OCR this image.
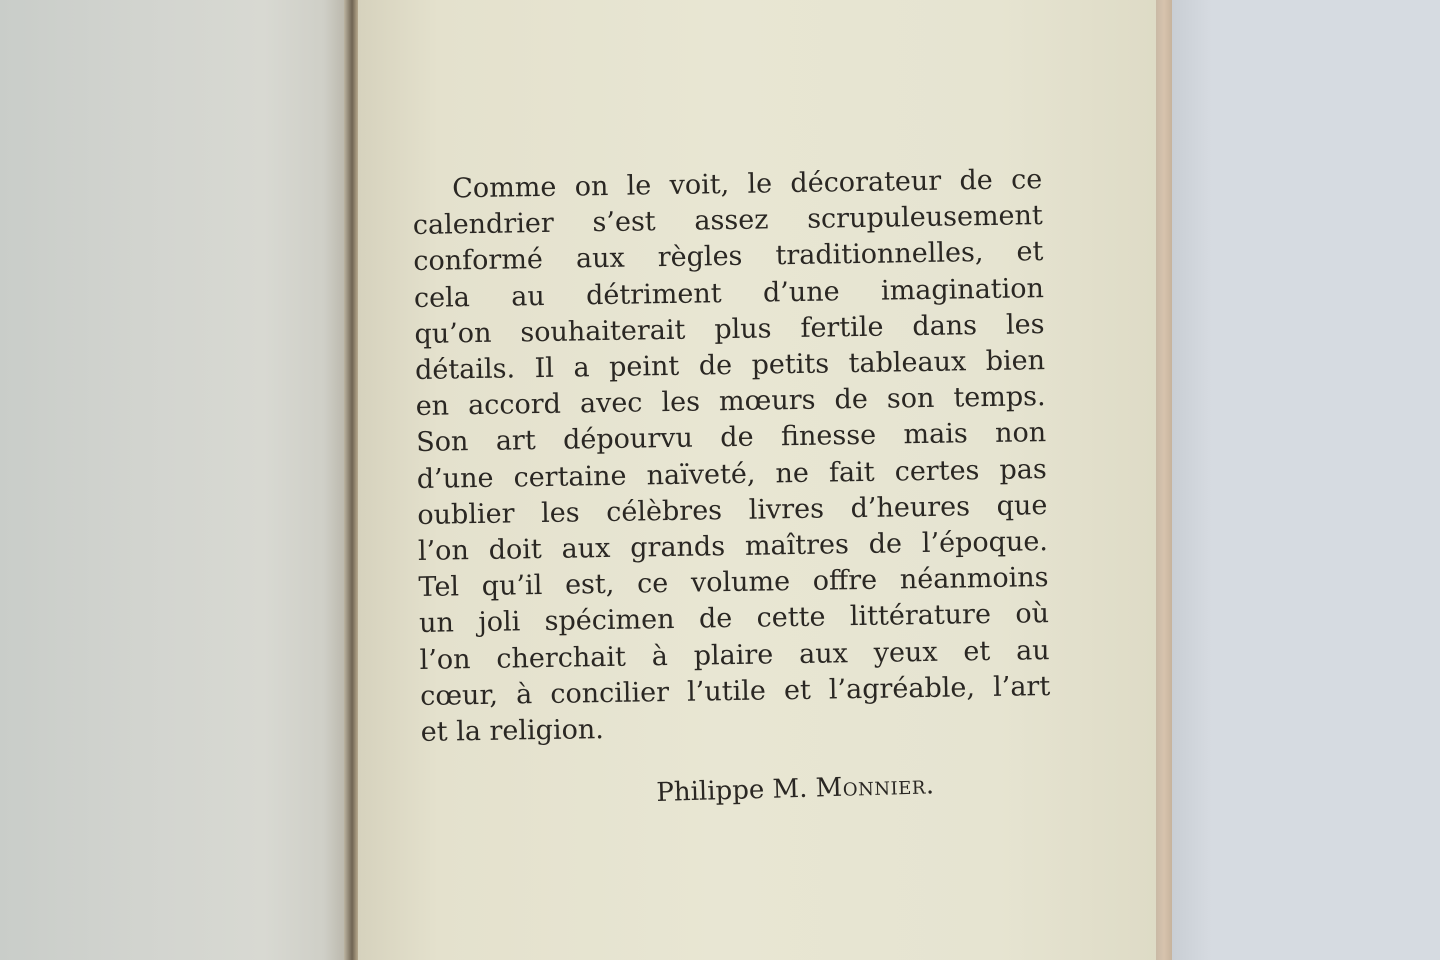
Comme on le voit, le décorateur de ce
calendrier s’est assez scrupuleusement
conformé aux règles traditionnelles, et
cela au détriment d’une imagination
qu’on souhaiterait plus fertile dans les
détails. Il a peint de petits tableaux bien
en accord avec les mœurs de son temps.
Son art dépourvu de finesse mais non
d’une certaine naïveté, ne fait certes pas
oublier les célèbres livres d’heures que
l’on doit aux grands maîtres de l’époque.
Tel qu’il est, ce volume offre néanmoins
un joli spécimen de cette littérature où
l’on cherchait à plaire aux yeux et au
cœur, à concilier l’utile et l’agréable, l’art
et la religion.
Philippe M. Monnier.
